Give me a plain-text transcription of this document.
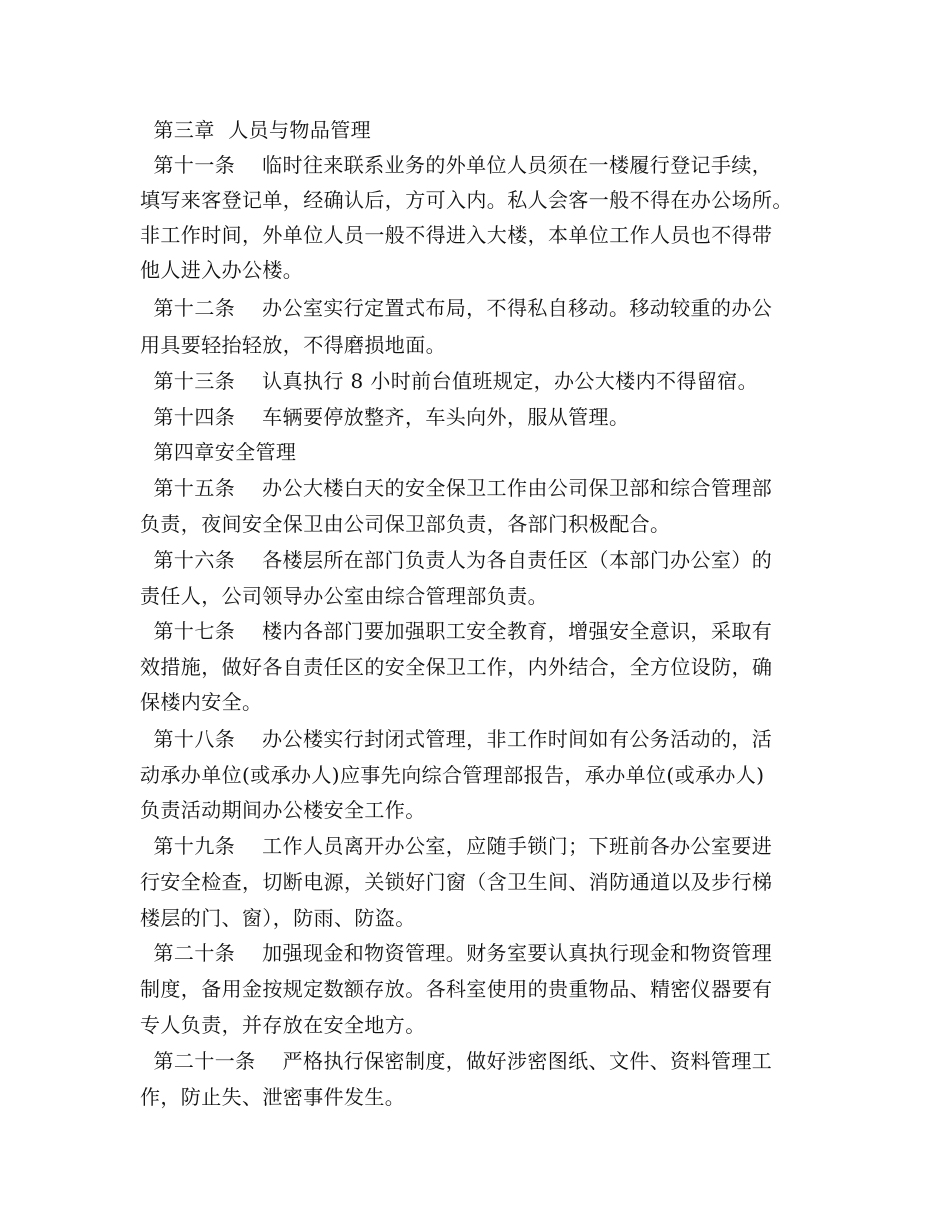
第三章  人员与物品管理
第十一条    临时往来联系业务的外单位人员须在一楼履行登记手续，
填写来客登记单，经确认后，方可入内。私人会客一般不得在办公场所。
非工作时间，外单位人员一般不得进入大楼，本单位工作人员也不得带
他人进入办公楼。
第十二条    办公室实行定置式布局，不得私自移动。移动较重的办公
用具要轻抬轻放，不得磨损地面。
第十三条    认真执行 8 小时前台值班规定，办公大楼内不得留宿。
第十四条    车辆要停放整齐，车头向外，服从管理。
第四章安全管理
第十五条    办公大楼白天的安全保卫工作由公司保卫部和综合管理部
负责，夜间安全保卫由公司保卫部负责，各部门积极配合。
第十六条    各楼层所在部门负责人为各自责任区（本部门办公室）的
责任人，公司领导办公室由综合管理部负责。
第十七条    楼内各部门要加强职工安全教育，增强安全意识，采取有
效措施，做好各自责任区的安全保卫工作，内外结合，全方位设防，确
保楼内安全。
第十八条    办公楼实行封闭式管理，非工作时间如有公务活动的，活
动承办单位(或承办人)应事先向综合管理部报告，承办单位(或承办人)
负责活动期间办公楼安全工作。
第十九条    工作人员离开办公室，应随手锁门；下班前各办公室要进
行安全检查，切断电源，关锁好门窗（含卫生间、消防通道以及步行梯
楼层的门、窗），防雨、防盗。
第二十条    加强现金和物资管理。财务室要认真执行现金和物资管理
制度，备用金按规定数额存放。各科室使用的贵重物品、精密仪器要有
专人负责，并存放在安全地方。
第二十一条    严格执行保密制度，做好涉密图纸、文件、资料管理工
作，防止失、泄密事件发生。
